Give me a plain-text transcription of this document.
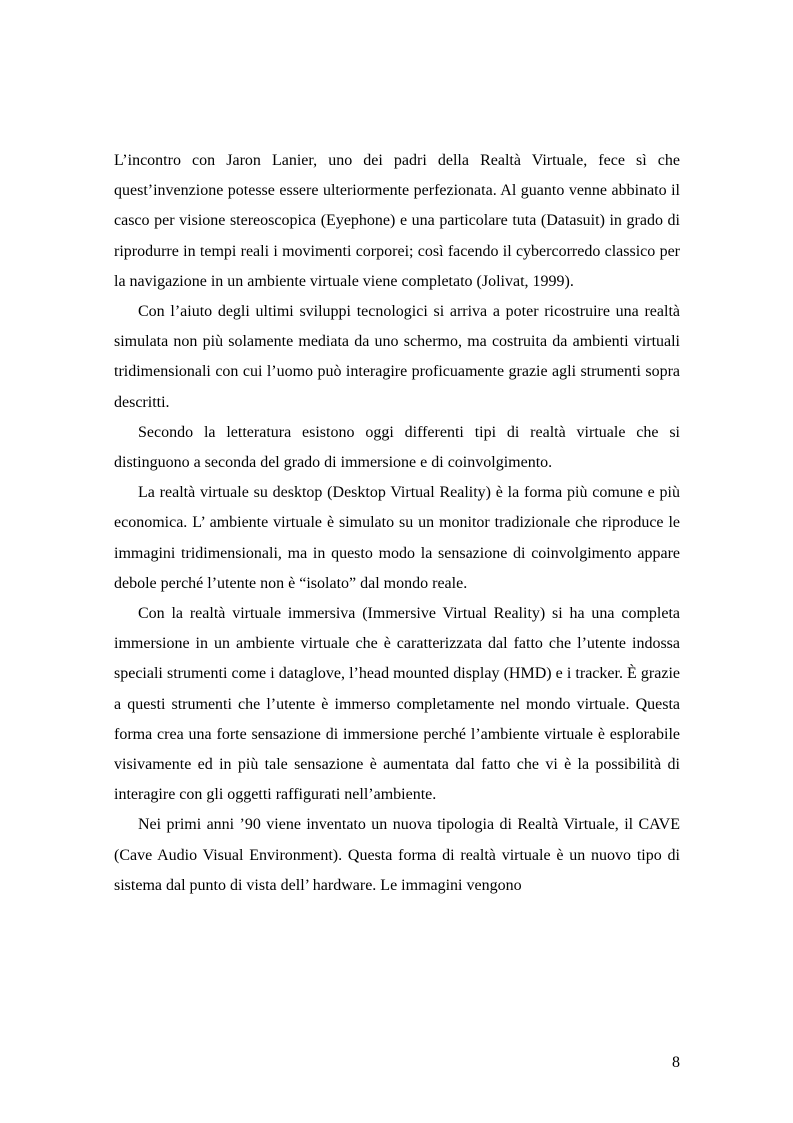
L’incontro con Jaron Lanier, uno dei padri della Realtà Virtuale, fece sì che quest’invenzione potesse essere ulteriormente perfezionata. Al guanto venne abbinato il casco per visione stereoscopica (Eyephone) e una particolare tuta (Datasuit) in grado di riprodurre in tempi reali i movimenti corporei; così facendo il cybercorredo classico per la navigazione in un ambiente virtuale viene completato (Jolivat, 1999).

Con l’aiuto degli ultimi sviluppi tecnologici si arriva a poter ricostruire una realtà simulata non più solamente mediata da uno schermo, ma costruita da ambienti virtuali tridimensionali con cui l’uomo può interagire proficuamente grazie agli strumenti sopra descritti.

Secondo la letteratura esistono oggi differenti tipi di realtà virtuale che si distinguono a seconda del grado di immersione e di coinvolgimento.

La realtà virtuale su desktop (Desktop Virtual Reality) è la forma più comune e più economica. L’ ambiente virtuale è simulato su un monitor tradizionale che riproduce le immagini tridimensionali, ma in questo modo la sensazione di coinvolgimento appare debole perché l’utente non è “isolato” dal mondo reale.

Con la realtà virtuale immersiva (Immersive Virtual Reality) si ha una completa immersione in un ambiente virtuale che è caratterizzata dal fatto che l’utente indossa speciali strumenti come i dataglove, l’head mounted display (HMD) e i tracker. È grazie a questi strumenti che l’utente è immerso completamente nel mondo virtuale. Questa forma crea una forte sensazione di immersione perché l’ambiente virtuale è esplorabile visivamente ed in più tale sensazione è aumentata dal fatto che vi è la possibilità di interagire con gli oggetti raffigurati nell’ambiente.

Nei primi anni ’90 viene inventato un nuova tipologia di Realtà Virtuale, il CAVE (Cave Audio Visual Environment). Questa forma di realtà virtuale è un nuovo tipo di sistema dal punto di vista dell’ hardware. Le immagini vengono

8
